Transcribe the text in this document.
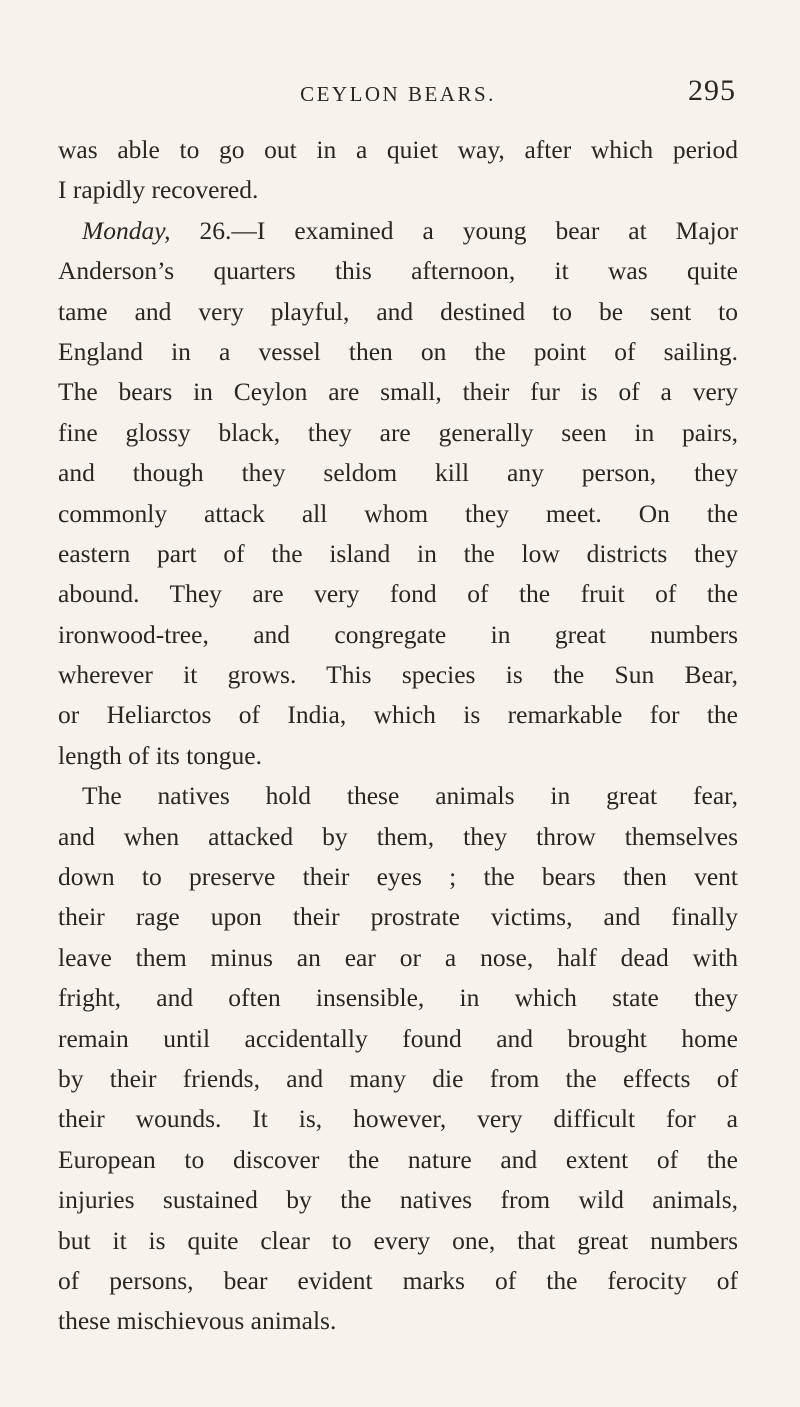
CEYLON BEARS.	295
was able to go out in a quiet way, after which period
I rapidly recovered.
Monday, 26.—I examined a young bear at Major
Anderson’s quarters this afternoon, it was quite
tame and very playful, and destined to be sent to
England in a vessel then on the point of sailing.
The bears in Ceylon are small, their fur is of a very
fine glossy black, they are generally seen in pairs,
and though they seldom kill any person, they
commonly attack all whom they meet. On the
eastern part of the island in the low districts they
abound. They are very fond of the fruit of the
ironwood-tree, and congregate in great numbers
wherever it grows. This species is the Sun Bear,
or Heliarctos of India, which is remarkable for the
length of its tongue.
The natives hold these animals in great fear,
and when attacked by them, they throw themselves
down to preserve their eyes ; the bears then vent
their rage upon their prostrate victims, and finally
leave them minus an ear or a nose, half dead with
fright, and often insensible, in which state they
remain until accidentally found and brought home
by their friends, and many die from the effects of
their wounds. It is, however, very difficult for a
European to discover the nature and extent of the
injuries sustained by the natives from wild animals,
but it is quite clear to every one, that great numbers
of persons, bear evident marks of the ferocity of
these mischievous animals.
